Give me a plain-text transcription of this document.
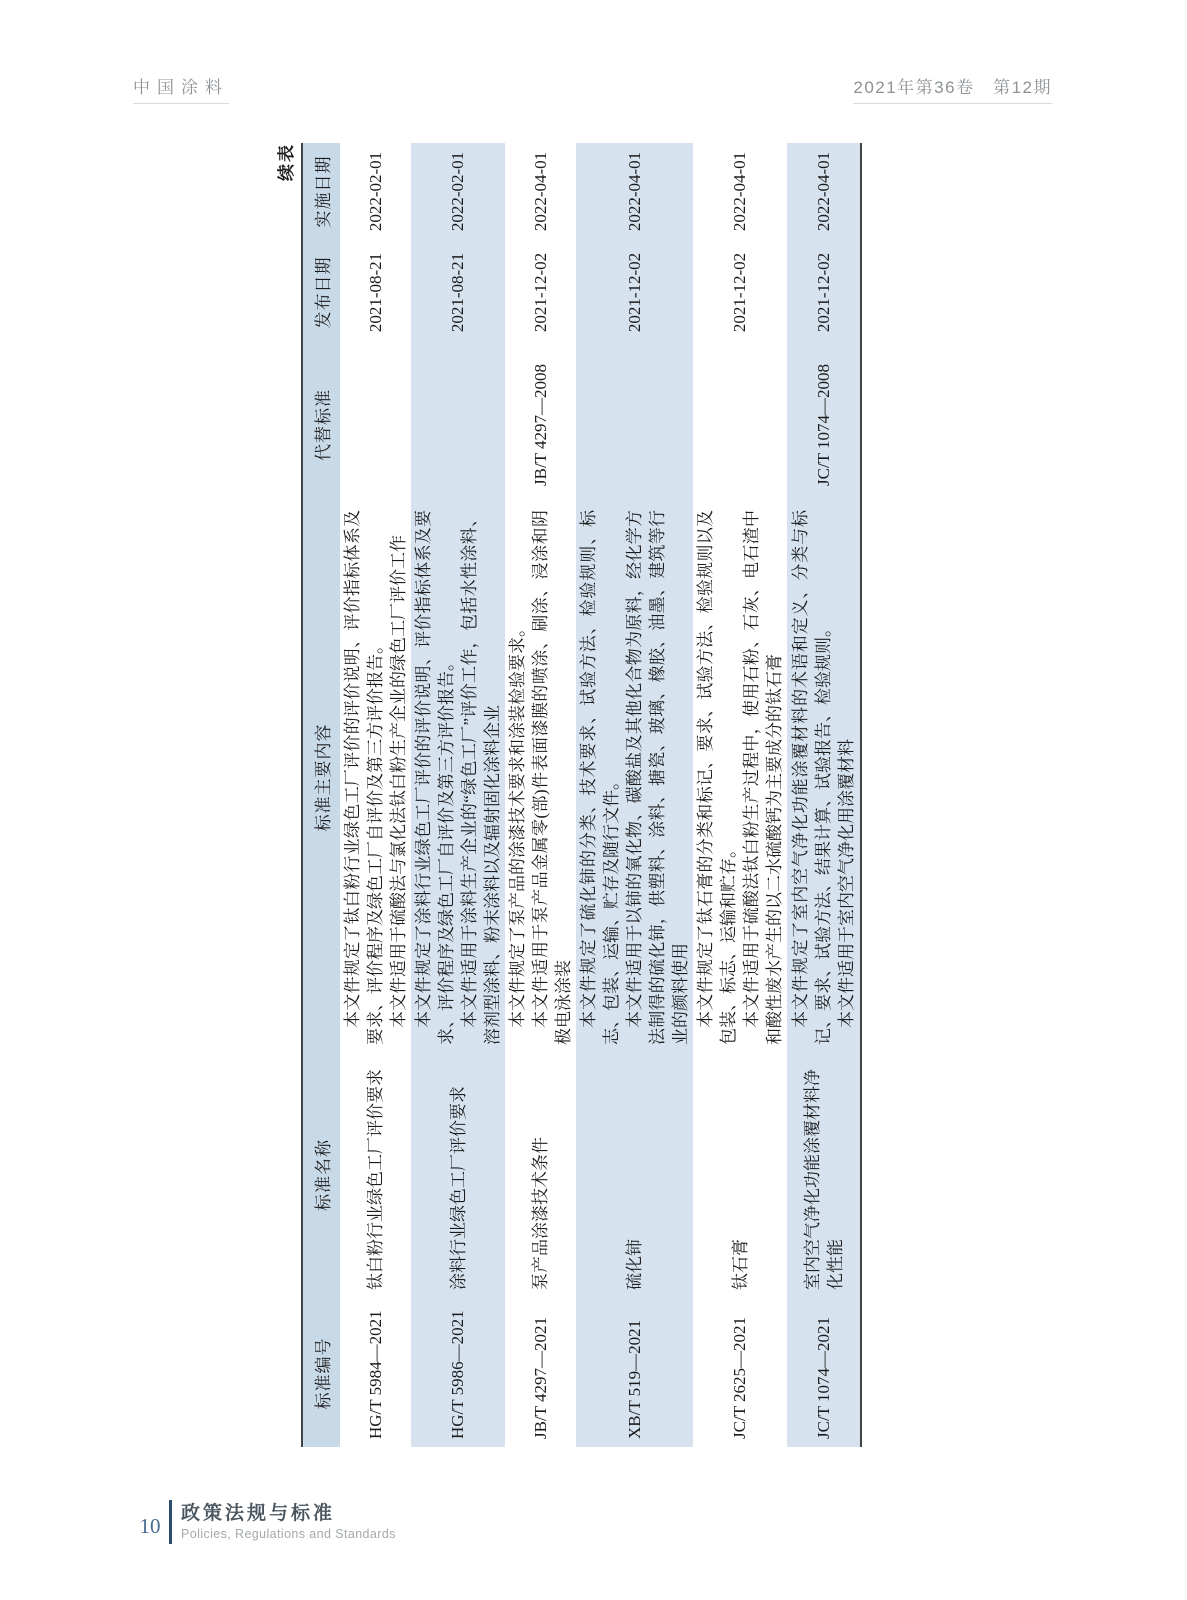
中国涂料	2021年第36卷　第12期
续表
标准编号	标准名称	标准主要内容	代替标准	发布日期	实施日期
HG/T 5984—2021	钛白粉行业绿色工厂评价要求	本文件规定了钛白粉行业绿色工厂评价的评价说明、评价指标体系及要求、评价程序及绿色工厂自评价及第三方评价报告。 本文件适用于硫酸法与氯化法钛白粉生产企业的绿色工厂评价工作		2021-08-21	2022-02-01
HG/T 5986—2021	涂料行业绿色工厂评价要求	本文件规定了涂料行业绿色工厂评价的评价说明、评价指标体系及要求、评价程序及绿色工厂自评价及第三方评价报告。 本文件适用于涂料生产企业的“绿色工厂”评价工作，包括水性涂料、溶剂型涂料、粉末涂料以及辐射固化涂料企业		2021-08-21	2022-02-01
JB/T 4297—2021	泵产品涂漆技术条件	本文件规定了泵产品的涂漆技术要求和涂装检验要求。 本文件适用于泵产品金属零(部)件表面漆膜的喷涂、刷涂、浸涂和阴极电泳涂装	JB/T 4297—2008	2021-12-02	2022-04-01
XB/T 519—2021	硫化铈	本文件规定了硫化铈的分类、技术要求、试验方法、检验规则、标志、包装、运输、贮存及随行文件。 本文件适用于以铈的氧化物、碳酸盐及其他化合物为原料，经化学方法制得的硫化铈，供塑料、涂料、搪瓷、玻璃、橡胶、油墨、建筑等行业的颜料使用		2021-12-02	2022-04-01
JC/T 2625—2021	钛石膏	本文件规定了钛石膏的分类和标记、要求、试验方法、检验规则以及包装、标志、运输和贮存。 本文件适用于硫酸法钛白粉生产过程中，使用石粉、石灰、电石渣中和酸性废水产生的以二水硫酸钙为主要成分的钛石膏		2021-12-02	2022-04-01
JC/T 1074—2021	室内空气净化功能涂覆材料净化性能	本文件规定了室内空气净化功能涂覆材料的术语和定义、分类与标记、要求、试验方法、结果计算、试验报告、检验规则。 本文件适用于室内空气净化用涂覆材料	JC/T 1074—2008	2021-12-02	2022-04-01
10
政策法规与标准
Policies, Regulations and Standards
